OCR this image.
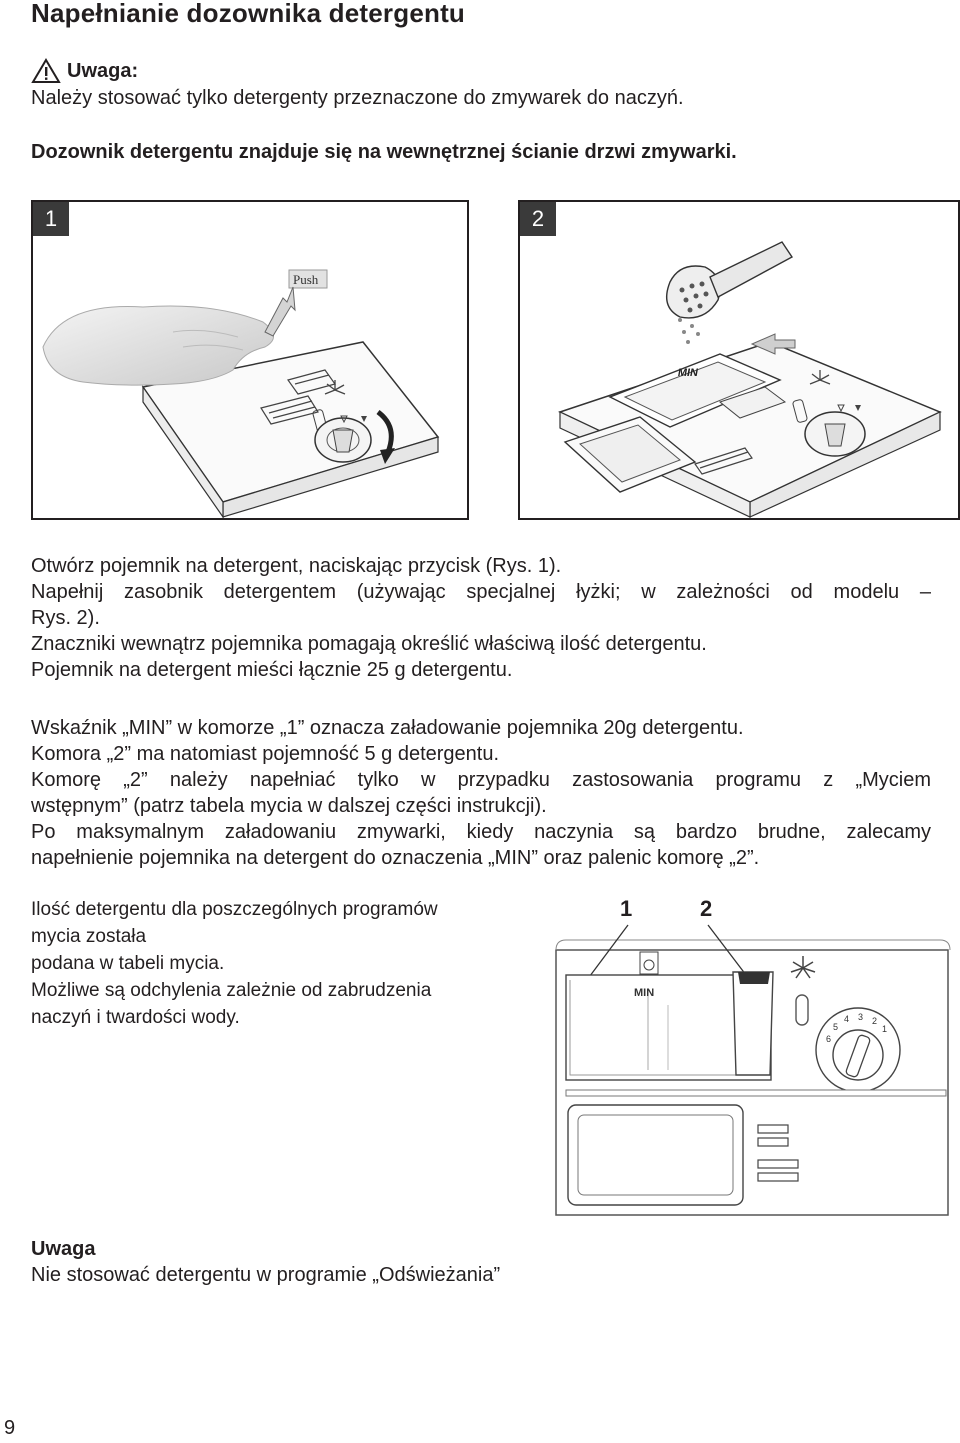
Napełnianie dozownika detergentu
Uwaga:
Należy stosować tylko detergenty przeznaczone do zmywarek do naczyń.
Dozownik detergentu znajduje się na wewnętrznej ścianie drzwi zmywarki.
1
Push
2
MIN
Otwórz pojemnik na detergent, naciskając przycisk (Rys. 1).
Napełnij zasobnik detergentem (używając specjalnej łyżki; w zależności od modelu –
Rys. 2).
Znaczniki wewnątrz pojemnika pomagają określić właściwą ilość detergentu.
Pojemnik na detergent mieści łącznie 25 g detergentu.
Wskaźnik „MIN” w komorze „1” oznacza załadowanie pojemnika 20g detergentu.
Komora „2” ma natomiast pojemność 5 g detergentu.
Komorę „2” należy napełniać tylko w przypadku zastosowania programu z „Myciem
wstępnym” (patrz tabela mycia w dalszej części instrukcji).
Po maksymalnym załadowaniu zmywarki, kiedy naczynia są bardzo brudne, zalecamy
napełnienie pojemnika na detergent do oznaczenia „MIN” oraz palenic komorę „2”.
Ilość detergentu dla poszczególnych programów
mycia została
podana w tabeli mycia.
Możliwe są odchylenia zależnie od zabrudzenia
naczyń i twardości wody.
1	2
MIN
6
5
4 3 2
1
Uwaga
Nie stosować detergentu w programie „Odświeżania”
9
